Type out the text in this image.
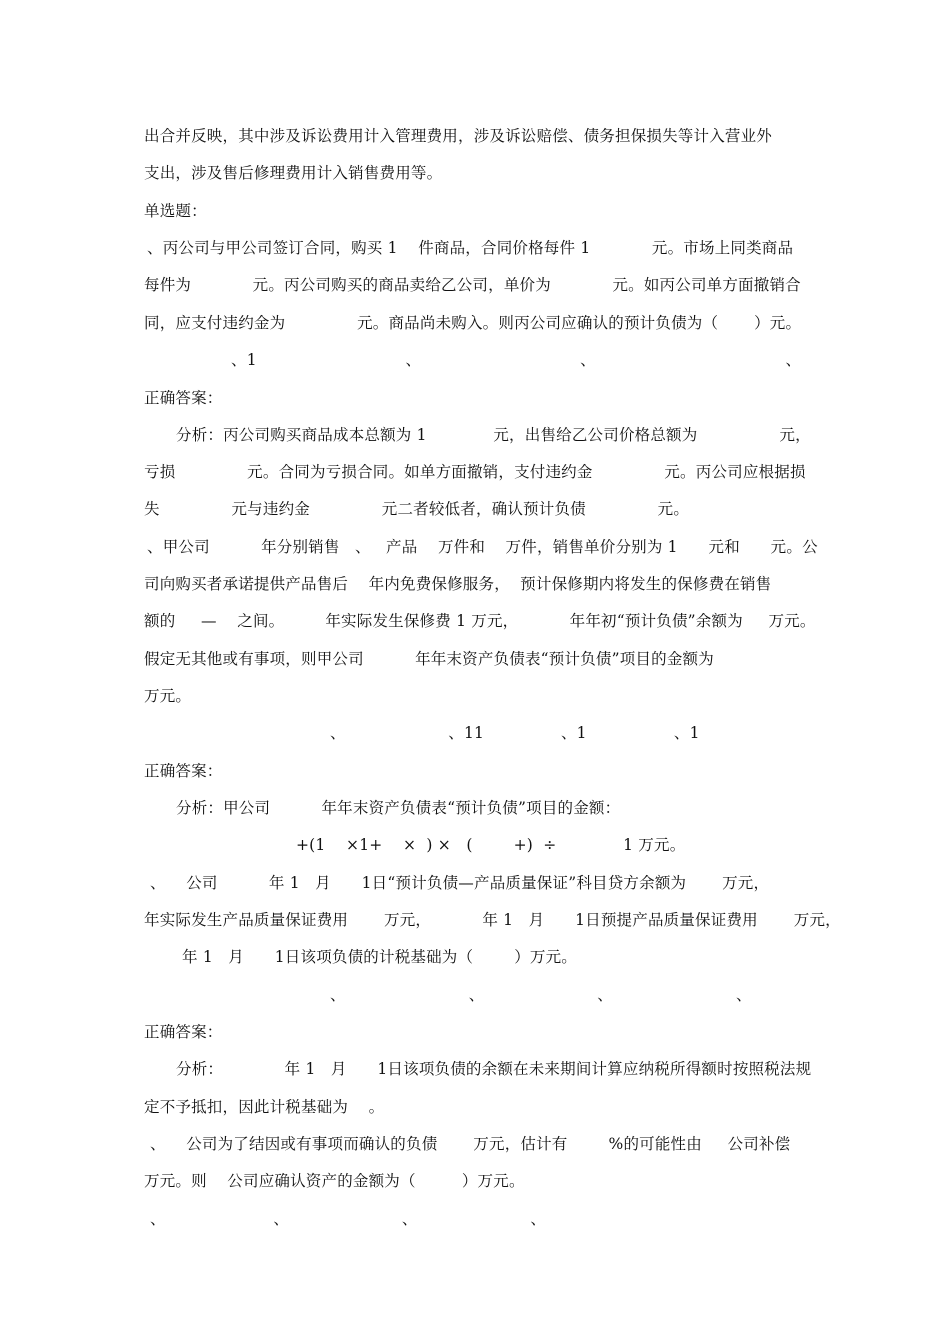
出合并反映，其中涉及诉讼费用计入管理费用，涉及诉讼赔偿、债务担保损失等计入营业外
支出，涉及售后修理费用计入销售费用等。
单选题：
、丙公司与甲公司签订合同，购买 1    件商品，合同价格每件 1            元。市场上同类商品
每件为            元。丙公司购买的商品卖给乙公司，单价为            元。如丙公司单方面撤销合
同，应支付违约金为              元。商品尚未购入。则丙公司应确认的预计负债为（       ）元。
、1                             、                               、                                     、
正确答案：
分析：丙公司购买商品成本总额为 1             元，出售给乙公司价格总额为                元，
亏损              元。合同为亏损合同。如单方面撤销，支付违约金              元。丙公司应根据损
失              元与违约金              元二者较低者，确认预计负债              元。
、甲公司          年分别销售   、   产品    万件和    万件，销售单价分别为 1      元和      元。公
司向购买者承诺提供产品售后    年内免费保修服务，  预计保修期内将发生的保修费在销售
额的     —    之间。        年实际发生保修费 1 万元，          年年初“预计负债”余额为     万元。
假定无其他或有事项，则甲公司          年年末资产负债表“预计负债”项目的金额为
万元。
、                    、11               、1                 、1
正确答案：
分析：甲公司          年年末资产负债表“预计负债”项目的金额：
+(1    ×1+    ×  ) ×   (        +)  ÷             1 万元。
、    公司          年 1   月      1日“预计负债—产品质量保证”科目贷方余额为       万元，
年实际发生产品质量保证费用       万元，          年 1   月      1日预提产品质量保证费用       万元，
年 1   月      1日该项负债的计税基础为（        ）万元。
、                        、                      、                        、
正确答案：
分析：            年 1   月      1日该项负债的余额在未来期间计算应纳税所得额时按照税法规
定不予抵扣，因此计税基础为    。
、    公司为了结因或有事项而确认的负债       万元，估计有        %的可能性由     公司补偿
万元。则    公司应确认资产的金额为（         ）万元。
、                     、                      、                      、
